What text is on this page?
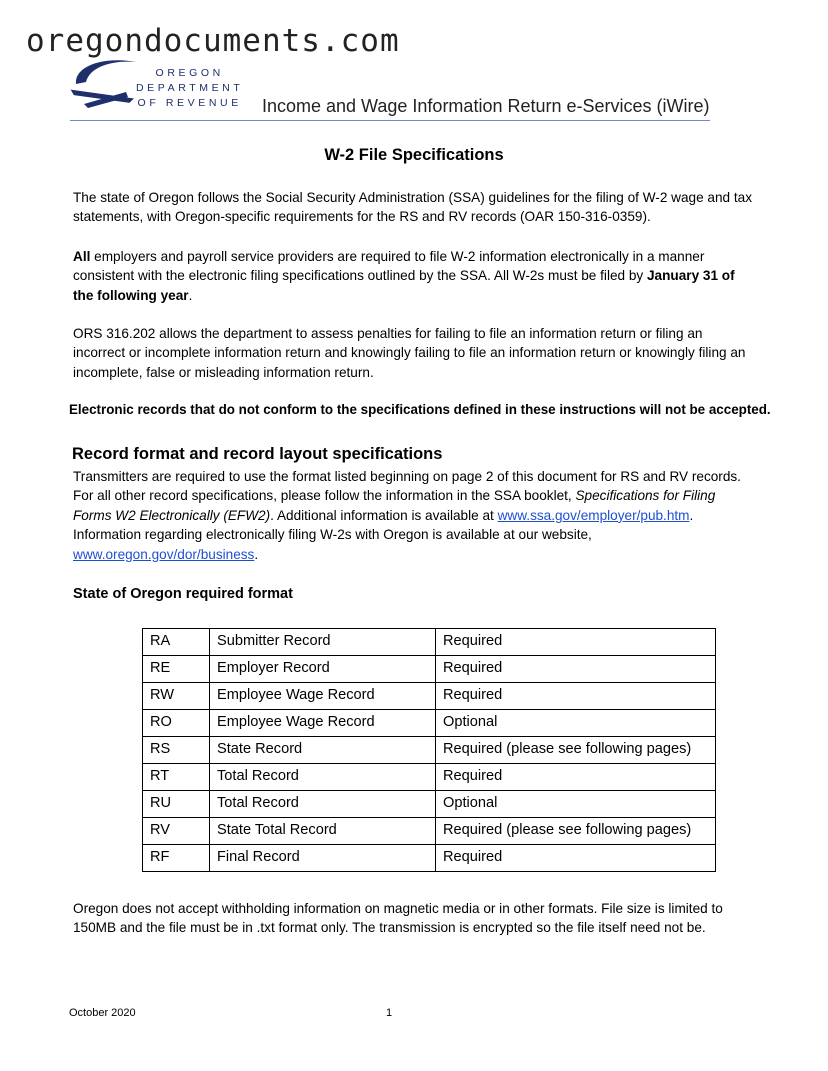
oregondocuments.com
OREGON
DEPARTMENT
OF REVENUE Income and Wage Information Return e-Services (iWire)
W-2 File Specifications
The state of Oregon follows the Social Security Administration (SSA) guidelines for the filing of W-2 wage and tax statements, with Oregon-specific requirements for the RS and RV records (OAR 150-316-0359).
All employers and payroll service providers are required to file W-2 information electronically in a manner consistent with the electronic filing specifications outlined by the SSA. All W-2s must be filed by January 31 of the following year.
ORS 316.202 allows the department to assess penalties for failing to file an information return or filing an incorrect or incomplete information return and knowingly failing to file an information return or knowingly filing an incomplete, false or misleading information return.
Electronic records that do not conform to the specifications defined in these instructions will not be accepted.
Record format and record layout specifications
Transmitters are required to use the format listed beginning on page 2 of this document for RS and RV records. For all other record specifications, please follow the information in the SSA booklet, Specifications for Filing Forms W2 Electronically (EFW2). Additional information is available at www.ssa.gov/employer/pub.htm. Information regarding electronically filing W-2s with Oregon is available at our website, www.oregon.gov/dor/business.
State of Oregon required format
RA	Submitter Record	Required
RE	Employer Record	Required
RW	Employee Wage Record	Required
RO	Employee Wage Record	Optional
RS	State Record	Required (please see following pages)
RT	Total Record	Required
RU	Total Record	Optional
RV	State Total Record	Required (please see following pages)
RF	Final Record	Required
Oregon does not accept withholding information on magnetic media or in other formats. File size is limited to 150MB and the file must be in .txt format only. The transmission is encrypted so the file itself need not be.
October 2020	1
